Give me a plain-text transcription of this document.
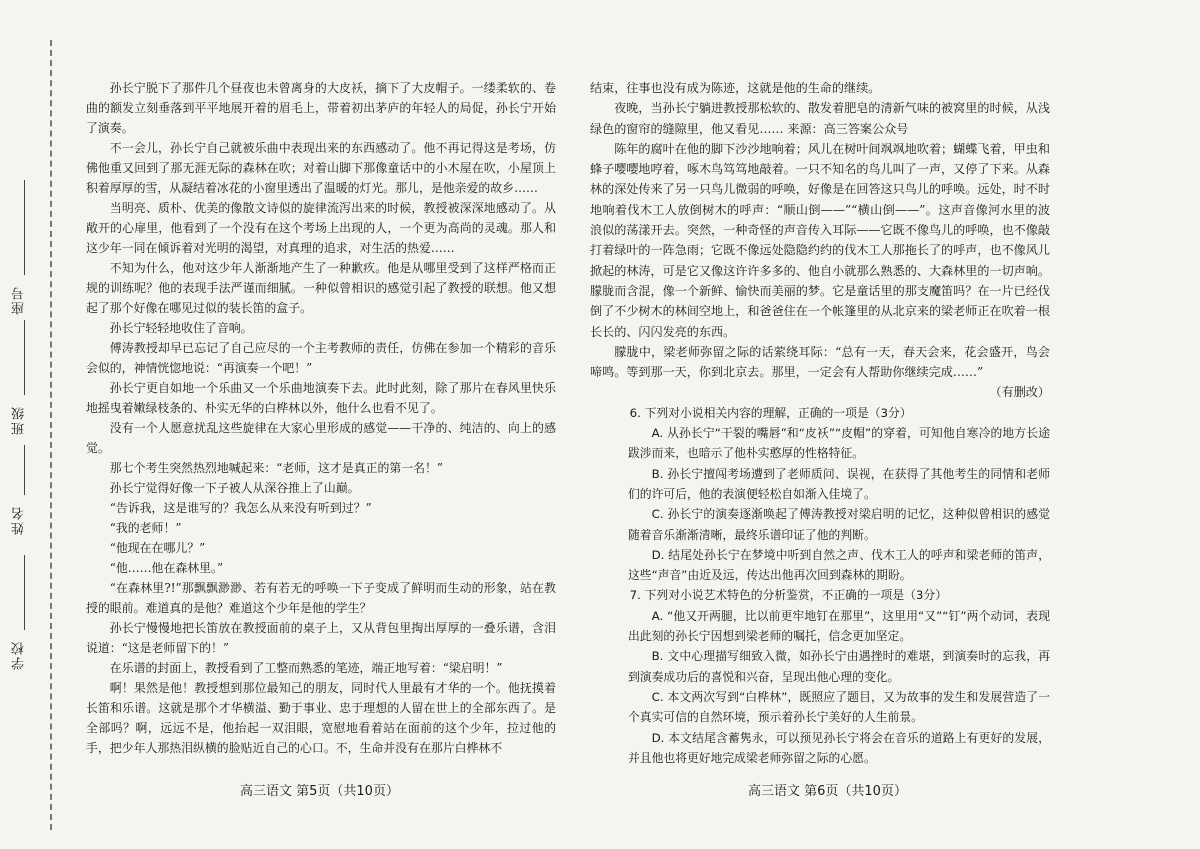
座号
班级
姓名
学校

孙长宁脱下了那件几个昼夜也未曾离身的大皮袄，摘下了大皮帽子。一缕柔软的、卷曲的额发立刻垂落到平平地展开着的眉毛上，带着初出茅庐的年轻人的局促，孙长宁开始了演奏。

不一会儿，孙长宁自己就被乐曲中表现出来的东西感动了。他不再记得这是考场，仿佛他重又回到了那无涯无际的森林在吹；对着山脚下那像童话中的小木屋在吹，小屋顶上积着厚厚的雪，从凝结着冰花的小窗里透出了温暖的灯光。那儿，是他亲爱的故乡……

当明亮、质朴、优美的像散文诗似的旋律流泻出来的时候，教授被深深地感动了。从敞开的心扉里，他看到了一个没有在这个考场上出现的人，一个更为高尚的灵魂。那人和这少年一同在倾诉着对光明的渴望，对真理的追求，对生活的热爱……

不知为什么，他对这少年人渐渐地产生了一种歉疚。他是从哪里受到了这样严格而正规的训练呢？他的表现手法严谨而细腻。一种似曾相识的感觉引起了教授的联想。他又想起了那个好像在哪见过似的装长笛的盒子。

孙长宁轻轻地收住了音响。

傅涛教授却早已忘记了自己应尽的一个主考教师的责任，仿佛在参加一个精彩的音乐会似的，神情恍惚地说：“再演奏一个吧！”

孙长宁更自如地一个乐曲又一个乐曲地演奏下去。此时此刻，除了那片在春风里快乐地摇曳着嫩绿枝条的、朴实无华的白桦林以外，他什么也看不见了。

没有一个人愿意扰乱这些旋律在大家心里形成的感觉——干净的、纯洁的、向上的感觉。

那七个考生突然热烈地喊起来：“老师，这才是真正的第一名！”

孙长宁觉得好像一下子被人从深谷推上了山巅。

“告诉我，这是谁写的？我怎么从来没有听到过？”

“我的老师！”

“他现在在哪儿？”

“他……他在森林里。”

“在森林里?!”那飘飘渺渺、若有若无的呼唤一下子变成了鲜明而生动的形象，站在教授的眼前。难道真的是他？难道这个少年是他的学生？

孙长宁慢慢地把长笛放在教授面前的桌子上，又从背包里掏出厚厚的一叠乐谱，含泪说道：“这是老师留下的！”

在乐谱的封面上，教授看到了工整而熟悉的笔迹，端正地写着：“梁启明！”

啊！果然是他！教授想到那位最知己的朋友，同时代人里最有才华的一个。他抚摸着长笛和乐谱。这就是那个才华横溢、勤于事业、忠于理想的人留在世上的全部东西了。是全部吗？啊，远远不是，他抬起一双泪眼，宽慰地看着站在面前的这个少年，拉过他的手，把少年人那热泪纵横的脸贴近自己的心口。不，生命并没有在那片白桦林不

结束，往事也没有成为陈迹，这就是他的生命的继续。

夜晚，当孙长宁躺进教授那松软的、散发着肥皂的清新气味的被窝里的时候，从浅绿色的窗帘的缝隙里，他又看见…… 来源：高三答案公众号

陈年的腐叶在他的脚下沙沙地响着；风儿在树叶间飒飒地吹着；蝴蝶飞着，甲虫和蜂子嘤嘤地哼着，啄木鸟笃笃地敲着。一只不知名的鸟儿叫了一声，又停了下来。从森林的深处传来了另一只鸟儿微弱的呼唤，好像是在回答这只鸟儿的呼唤。远处，时不时地响着伐木工人放倒树木的呼声：“顺山倒——”“横山倒——”。这声音像河水里的波浪似的荡漾开去。突然，一种奇怪的声音传入耳际——它既不像鸟儿的呼唤，也不像敲打着绿叶的一阵急雨；它既不像远处隐隐约约的伐木工人那拖长了的呼声，也不像风儿掀起的林涛，可是它又像这许许多多的、他自小就那么熟悉的、大森林里的一切声响。朦胧而含混，像一个新鲜、愉快而美丽的梦。它是童话里的那支魔笛吗？在一片已经伐倒了不少树木的林间空地上，和爸爸住在一个帐篷里的从北京来的梁老师正在吹着一根长长的、闪闪发亮的东西。

朦胧中，梁老师弥留之际的话萦绕耳际：“总有一天，春天会来，花会盛开，鸟会啼鸣。等到那一天，你到北京去。那里，一定会有人帮助你继续完成……”

（有删改）

6. 下列对小说相关内容的理解，正确的一项是（3分）

A. 从孙长宁“干裂的嘴唇”和“皮袄”“皮帽”的穿着，可知他自寒冷的地方长途跋涉而来，也暗示了他朴实憨厚的性格特征。

B. 孙长宁擅闯考场遭到了老师质问、误视，在获得了其他考生的同情和老师们的许可后，他的表演便轻松自如渐入佳境了。

C. 孙长宁的演奏逐渐唤起了傅涛教授对梁启明的记忆，这种似曾相识的感觉随着音乐渐渐清晰，最终乐谱印证了他的判断。

D. 结尾处孙长宁在梦境中听到自然之声、伐木工人的呼声和梁老师的笛声，这些“声音”由近及远，传达出他再次回到森林的期盼。

7. 下列对小说艺术特色的分析鉴赏，不正确的一项是（3分）

A. “他又开两腿，比以前更牢地钉在那里”，这里用“又”“钉”两个动词，表现出此刻的孙长宁因想到梁老师的嘱托，信念更加坚定。

B. 文中心理描写细致入微，如孙长宁由遇挫时的难堪，到演奏时的忘我，再到演奏成功后的喜悦和兴奋，呈现出他心理的变化。

C. 本文两次写到“白桦林”，既照应了题目，又为故事的发生和发展营造了一个真实可信的自然环境，预示着孙长宁美好的人生前景。

D. 本文结尾含蓄隽永，可以预见孙长宁将会在音乐的道路上有更好的发展，并且他也将更好地完成梁老师弥留之际的心愿。

高三语文 第5页（共10页）	高三语文 第6页（共10页）
